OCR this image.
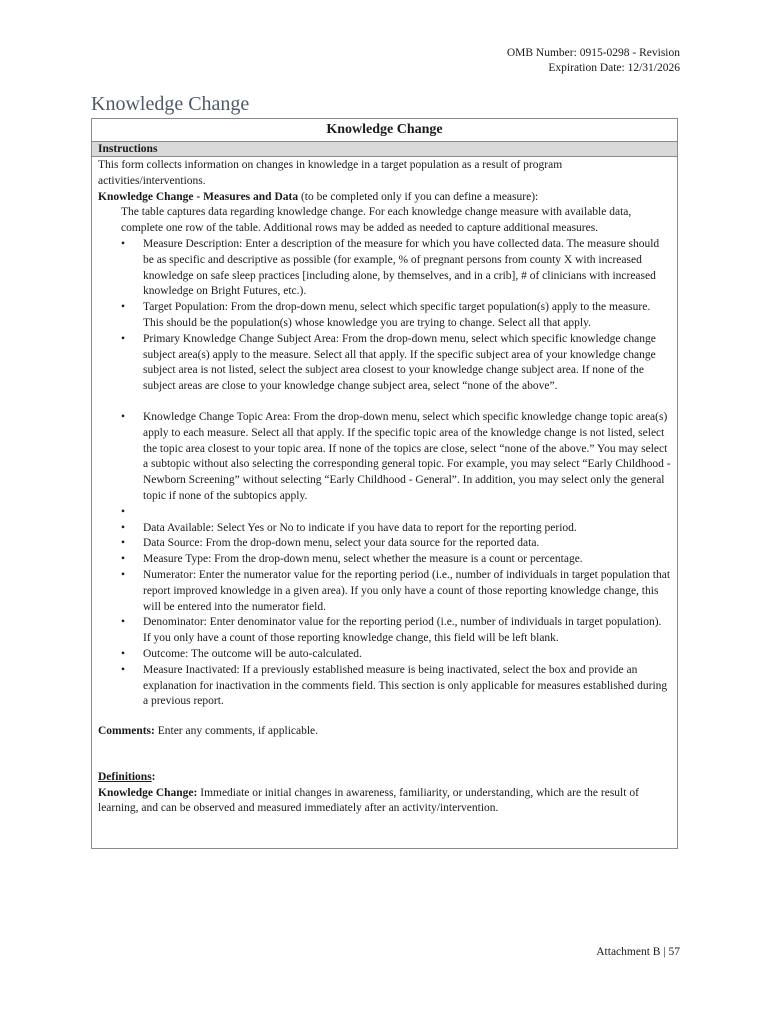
OMB Number: 0915-0298 - Revision
Expiration Date: 12/31/2026
Knowledge Change
Knowledge Change
Instructions

This form collects information on changes in knowledge in a target population as a result of program activities/interventions.

Knowledge Change - Measures and Data (to be completed only if you can define a measure):

The table captures data regarding knowledge change. For each knowledge change measure with available data, complete one row of the table. Additional rows may be added as needed to capture additional measures.

• Measure Description: Enter a description of the measure for which you have collected data. The measure should be as specific and descriptive as possible (for example, % of pregnant persons from county X with increased knowledge on safe sleep practices [including alone, by themselves, and in a crib], # of clinicians with increased knowledge on Bright Futures, etc.).
• Target Population: From the drop-down menu, select which specific target population(s) apply to the measure. This should be the population(s) whose knowledge you are trying to change. Select all that apply.
• Primary Knowledge Change Subject Area: From the drop-down menu, select which specific knowledge change subject area(s) apply to the measure. Select all that apply. If the specific subject area of your knowledge change subject area is not listed, select the subject area closest to your knowledge change subject area. If none of the subject areas are close to your knowledge change subject area, select “none of the above”.
• Knowledge Change Topic Area: From the drop-down menu, select which specific knowledge change topic area(s) apply to each measure. Select all that apply. If the specific topic area of the knowledge change is not listed, select the topic area closest to your topic area. If none of the topics are close, select “none of the above.” You may select a subtopic without also selecting the corresponding general topic. For example, you may select “Early Childhood - Newborn Screening” without selecting “Early Childhood - General”. In addition, you may select only the general topic if none of the subtopics apply.
•

• Data Available: Select Yes or No to indicate if you have data to report for the reporting period.
• Data Source: From the drop-down menu, select your data source for the reported data.
• Measure Type: From the drop-down menu, select whether the measure is a count or percentage.
• Numerator: Enter the numerator value for the reporting period (i.e., number of individuals in target population that report improved knowledge in a given area). If you only have a count of those reporting knowledge change, this will be entered into the numerator field.
• Denominator: Enter denominator value for the reporting period (i.e., number of individuals in target population). If you only have a count of those reporting knowledge change, this field will be left blank.
• Outcome: The outcome will be auto-calculated.
• Measure Inactivated: If a previously established measure is being inactivated, select the box and provide an explanation for inactivation in the comments field. This section is only applicable for measures established during a previous report.

Comments: Enter any comments, if applicable.

Definitions:

Knowledge Change: Immediate or initial changes in awareness, familiarity, or understanding, which are the result of learning, and can be observed and measured immediately after an activity/intervention.

Attachment B | 57
